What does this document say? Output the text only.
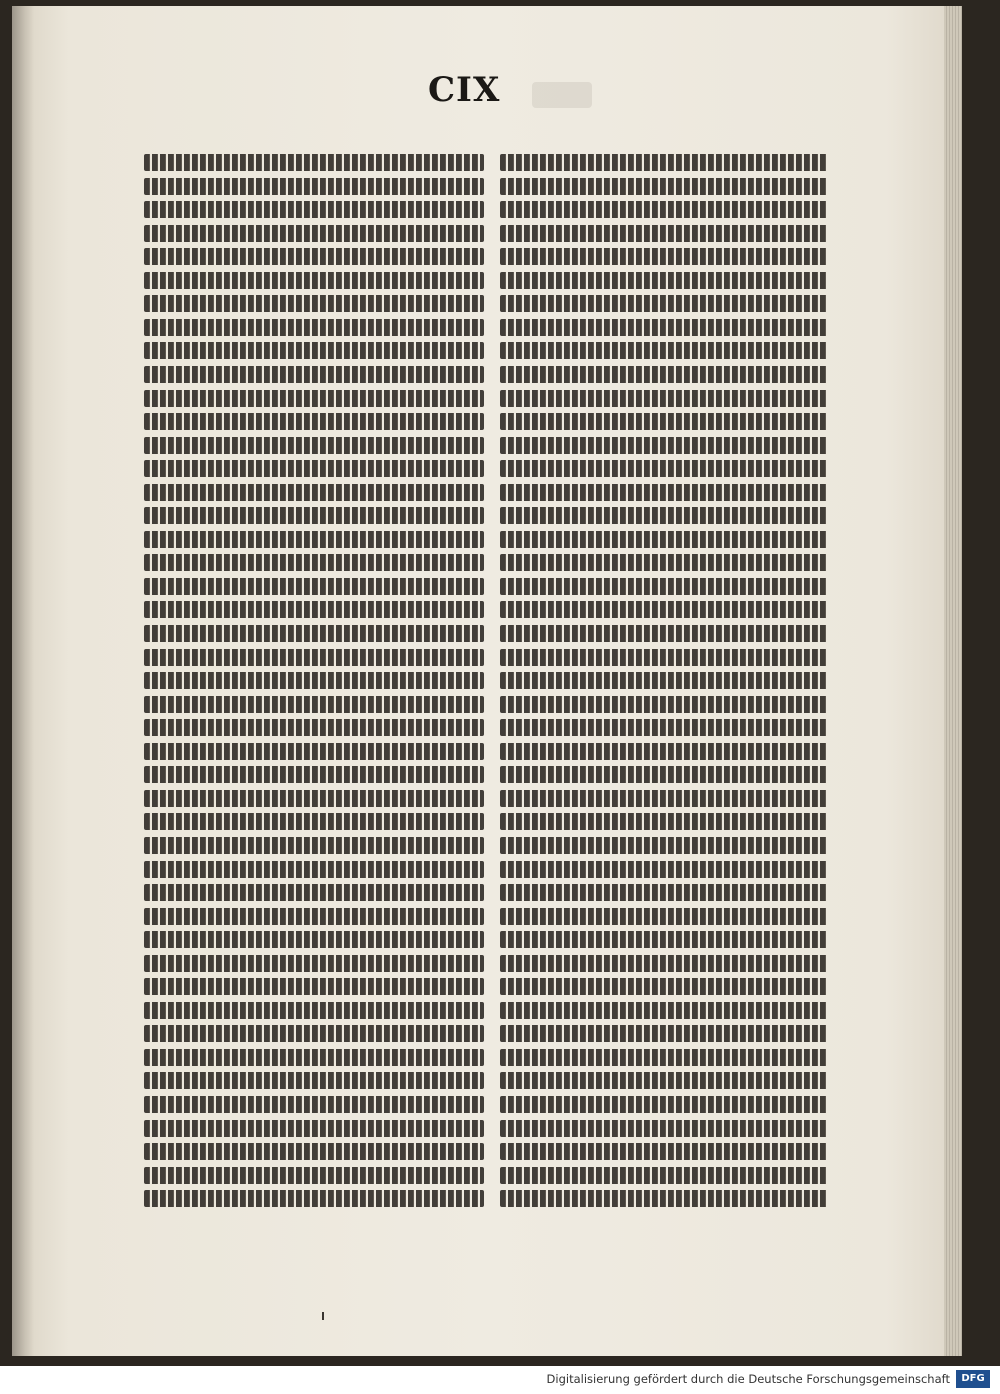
CIX
Digitalisierung gefördert durch die Deutsche Forschungsgemeinschaft	DFG
